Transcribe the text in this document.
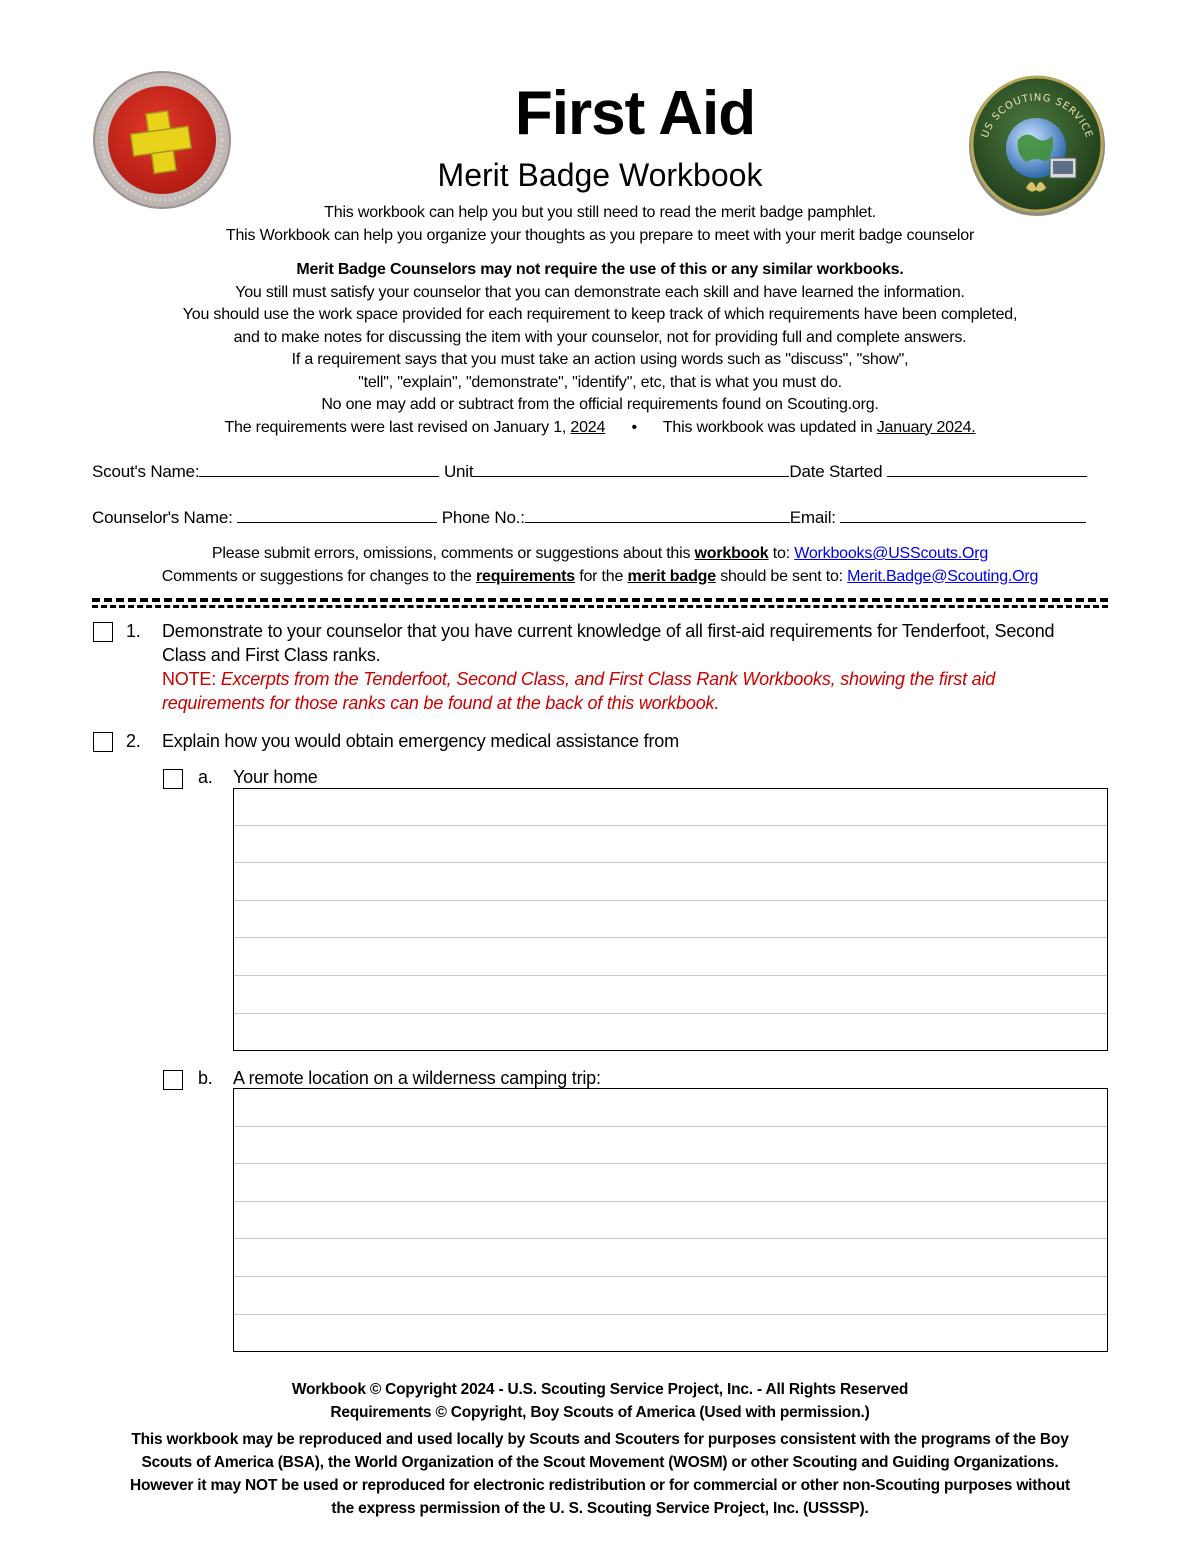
US SCOUTING SERVICE
First Aid
Merit Badge Workbook
This workbook can help you but you still need to read the merit badge pamphlet.
This Workbook can help you organize your thoughts as you prepare to meet with your merit badge counselor
Merit Badge Counselors may not require the use of this or any similar workbooks.
You still must satisfy your counselor that you can demonstrate each skill and have learned the information.
You should use the work space provided for each requirement to keep track of which requirements have been completed,
and to make notes for discussing the item with your counselor, not for providing full and complete answers.
If a requirement says that you must take an action using words such as "discuss", "show",
"tell", "explain", "demonstrate", "identify", etc, that is what you must do.
No one may add or subtract from the official requirements found on Scouting.org.
The requirements were last revised on January 1, 2024 • This workbook was updated in January 2024.
Scout's Name:	Unit	Date Started
Counselor's Name:	Phone No.:	Email:
Please submit errors, omissions, comments or suggestions about this workbook to: Workbooks@USScouts.Org
Comments or suggestions for changes to the requirements for the merit badge should be sent to: Merit.Badge@Scouting.Org
1. Demonstrate to your counselor that you have current knowledge of all first-aid requirements for Tenderfoot, Second
Class and First Class ranks.
NOTE: Excerpts from the Tenderfoot, Second Class, and First Class Rank Workbooks, showing the first aid
requirements for those ranks can be found at the back of this workbook.
2. Explain how you would obtain emergency medical assistance from
a. Your home
b. A remote location on a wilderness camping trip:
Workbook © Copyright 2024 - U.S. Scouting Service Project, Inc. - All Rights Reserved
Requirements © Copyright, Boy Scouts of America (Used with permission.)
This workbook may be reproduced and used locally by Scouts and Scouters for purposes consistent with the programs of the Boy
Scouts of America (BSA), the World Organization of the Scout Movement (WOSM) or other Scouting and Guiding Organizations.
However it may NOT be used or reproduced for electronic redistribution or for commercial or other non-Scouting purposes without
the express permission of the U. S. Scouting Service Project, Inc. (USSSP).
